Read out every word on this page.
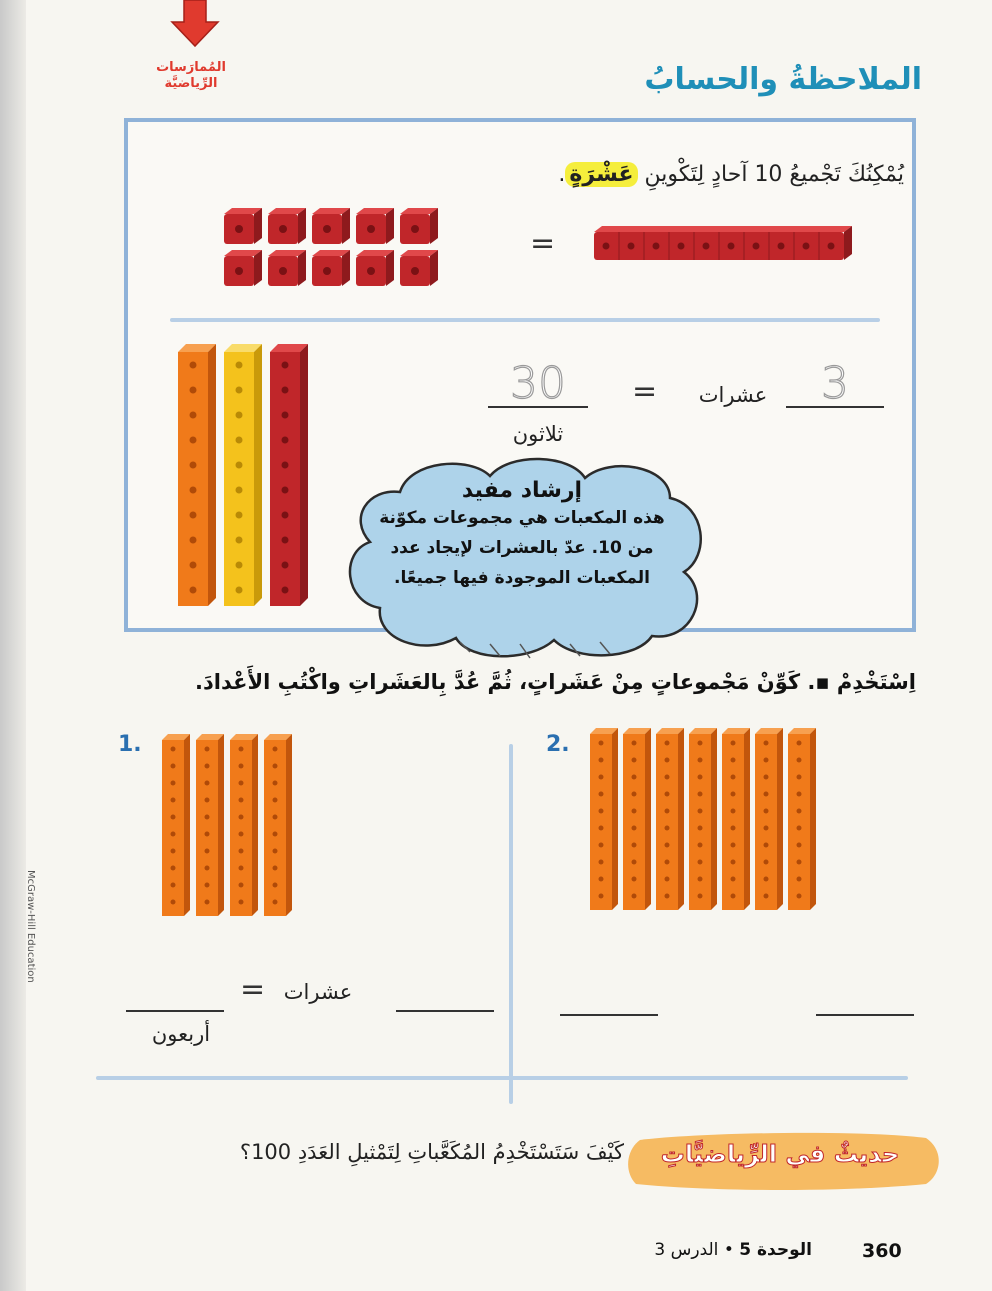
McGraw-Hill Education
المُمارَسات
الرِّياضيَّة	الملاحظةُ والحسابُ
يُمْكِنُكَ تَجْميعُ 10 آحادٍ لِتَكْوينِ عَشْرَةٍ.
=
3
عشرات
=
30
ثلاثون
إرشاد مفيد
هذه المكعبات هي مجموعات مكوّنة
من 10. عدّ بالعشرات لإيجاد عدد
المكعبات الموجودة فيها جميعًا.
اِسْتَخْدِمْ ▪. كَوِّنْ مَجْموعاتٍ مِنْ عَشَراتٍ، ثُمَّ عُدَّ بِالعَشَراتِ واكْتُبِ الأَعْدادَ.
1.
عشرات
=
أربعون
2.
حديثٌ في الرِّياضيَّاتِ
كَيْفَ سَتَسْتَخْدِمُ المُكَعَّباتِ لِتَمْثيلِ العَدَدِ 100؟
360
الوحدة 5 • الدرس 3
